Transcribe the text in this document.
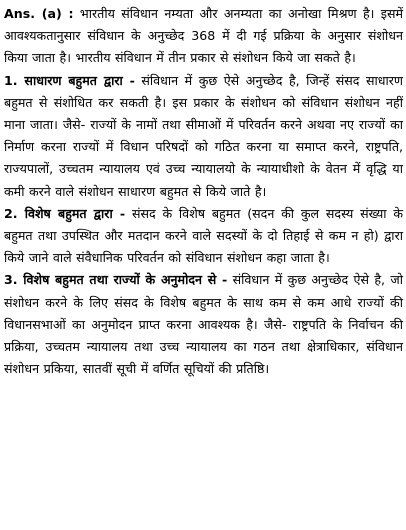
Ans. (a) : भारतीय संविधान नम्यता और अनम्यता का अनोखा मिश्रण है। इसमें आवश्यकतानुसार संविधान के अनुच्छेद 368 में दी गई प्रक्रिया के अनुसार संशोधन किया जाता है। भारतीय संविधान में तीन प्रकार से संशोधन किये जा सकते है।

1. साधारण बहुमत द्वारा - संविधान में कुछ ऐसे अनुच्छेद है, जिन्हें संसद साधारण बहुमत से संशोधित कर सकती है। इस प्रकार के संशोधन को संविधान संशोधन नहीं माना जाता। जैसे- राज्यों के नामों तथा सीमाओं में परिवर्तन करने अथवा नए राज्यों का निर्माण करना राज्यों में विधान परिषदों को गठित करना या समाप्त करने, राष्ट्रपति, राज्यपालों, उच्चतम न्यायालय एवं उच्च न्यायालयो के न्यायाधीशो के वेतन में वृद्धि या कमी करने वाले संशोधन साधारण बहुमत से किये जाते है।

2. विशेष बहुमत द्वारा - संसद के विशेष बहुमत (सदन की कुल सदस्य संख्या के बहुमत तथा उपस्थित और मतदान करने वाले सदस्यों के दो तिहाई से कम न हो) द्वारा किये जाने वाले संवैधानिक परिवर्तन को संविधान संशोधन कहा जाता है।

3. विशेष बहुमत तथा राज्यों के अनुमोदन से - संविधान में कुछ अनुच्छेद ऐसे है, जो संशोधन करने के लिए संसद के विशेष बहुमत के साथ कम से कम आधे राज्यों की विधानसभाओं का अनुमोदन प्राप्त करना आवश्यक है। जैसे- राष्ट्रपति के निर्वाचन की प्रक्रिया, उच्चतम न्यायालय तथा उच्च न्यायालय का गठन तथा क्षेत्राधिकार, संविधान संशोधन प्रकिया, सातवीं सूची में वर्णित सूचियों की प्रतिष्ठि।
